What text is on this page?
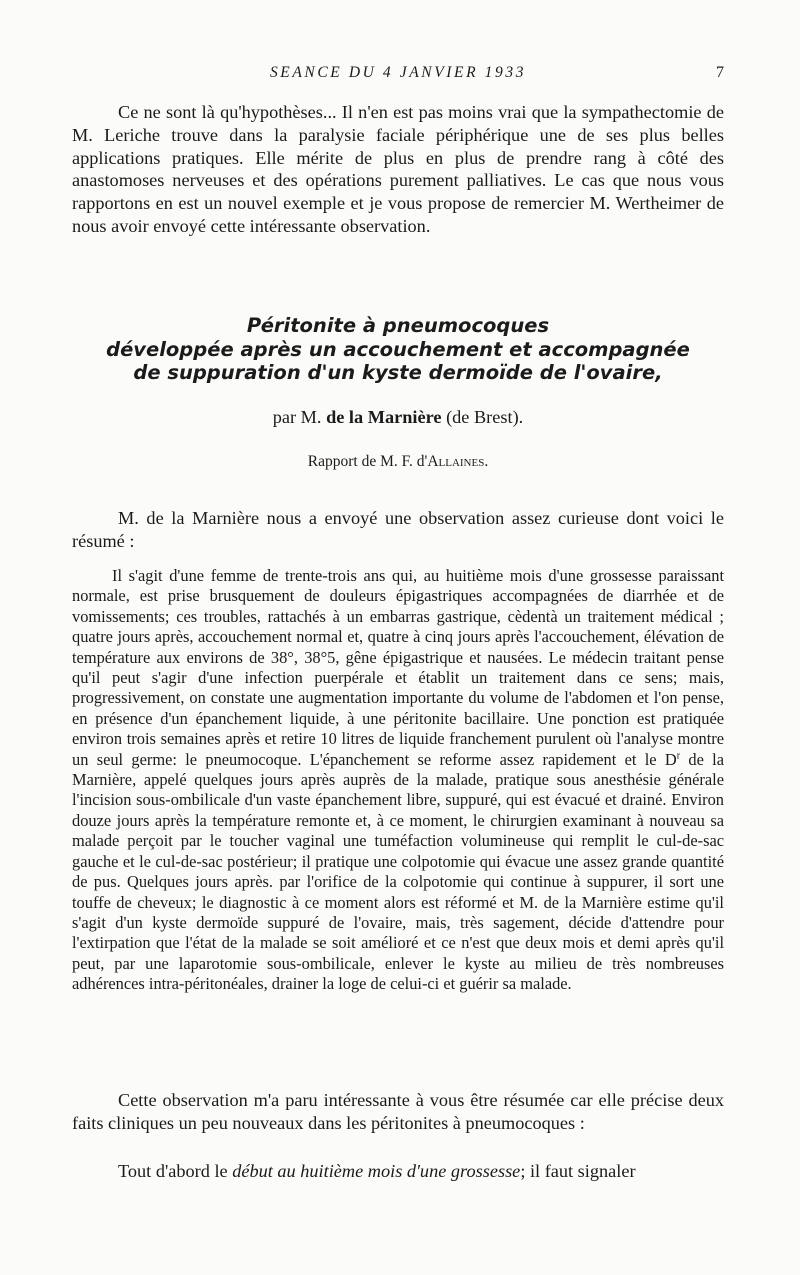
SEANCE DU 4 JANVIER 1933	7

Ce ne sont là qu'hypothèses... Il n'en est pas moins vrai que la sympathectomie de M. Leriche trouve dans la paralysie faciale périphérique une de ses plus belles applications pratiques. Elle mérite de plus en plus de prendre rang à côté des anastomoses nerveuses et des opérations purement palliatives. Le cas que nous vous rapportons en est un nouvel exemple et je vous propose de remercier M. Wertheimer de nous avoir envoyé cette intéressante observation.

Péritonite à pneumocoques
développée après un accouchement et accompagnée
de suppuration d'un kyste dermoïde de l'ovaire,
par M. de la Marnière (de Brest).
Rapport de M. F. d'Allaines.

M. de la Marnière nous a envoyé une observation assez curieuse dont voici le résumé :

Il s'agit d'une femme de trente-trois ans qui, au huitième mois d'une grossesse paraissant normale, est prise brusquement de douleurs épigastriques accompagnées de diarrhée et de vomissements; ces troubles, rattachés à un embarras gastrique, cèdentà un traitement médical ; quatre jours après, accouchement normal et, quatre à cinq jours après l'accouchement, élévation de température aux environs de 38°, 38°5, gêne épigastrique et nausées. Le médecin traitant pense qu'il peut s'agir d'une infection puerpérale et établit un traitement dans ce sens; mais, progressivement, on constate une augmentation importante du volume de l'abdomen et l'on pense, en présence d'un épanchement liquide, à une péritonite bacillaire. Une ponction est pratiquée environ trois semaines après et retire 10 litres de liquide franchement purulent où l'analyse montre un seul germe: le pneumocoque. L'épanchement se reforme assez rapidement et le $D^r$ de la Marnière, appelé quelques jours après auprès de la malade, pratique sous anesthésie générale l'incision sous-ombilicale d'un vaste épanchement libre, suppuré, qui est évacué et drainé. Environ douze jours après la température remonte et, à ce moment, le chirurgien examinant à nouveau sa malade perçoit par le toucher vaginal une tuméfaction volumineuse qui remplit le cul-de-sac gauche et le cul-de-sac postérieur; il pratique une colpotomie qui évacue une assez grande quantité de pus. Quelques jours après. par l'orifice de la colpotomie qui continue à suppurer, il sort une touffe de cheveux; le diagnostic à ce moment alors est réformé et M. de la Marnière estime qu'il s'agit d'un kyste dermoïde suppuré de l'ovaire, mais, très sagement, décide d'attendre pour l'extirpation que l'état de la malade se soit amélioré et ce n'est que deux mois et demi après qu'il peut, par une laparotomie sous-ombilicale, enlever le kyste au milieu de très nombreuses adhérences intra-péritonéales, drainer la loge de celui-ci et guérir sa malade.

Cette observation m'a paru intéressante à vous être résumée car elle précise deux faits cliniques un peu nouveaux dans les péritonites à pneumocoques :

Tout d'abord le début au huitième mois d'une grossesse; il faut signaler
